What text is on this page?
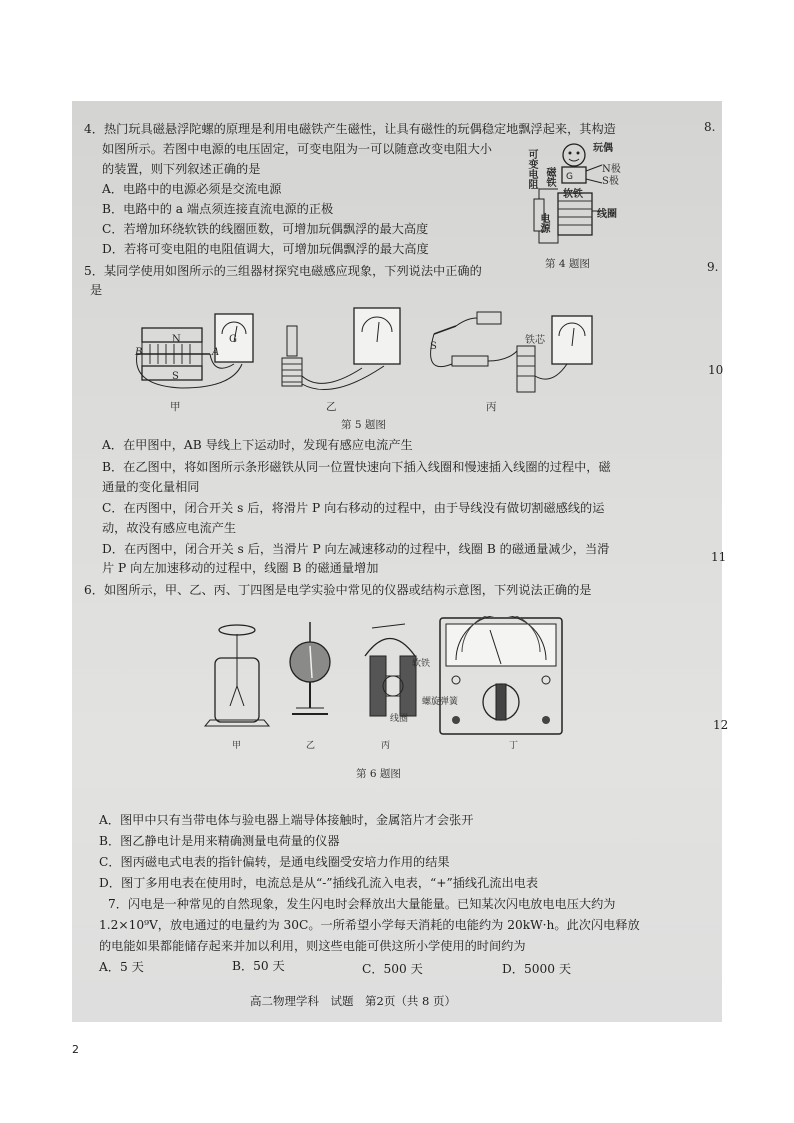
4．热门玩具磁悬浮陀螺的原理是利用电磁铁产生磁性，让具有磁性的玩偶稳定地飘浮起来，其构造
如图所示。若图中电源的电压固定，可变电阻为一可以随意改变电阻大小
的装置，则下列叙述正确的是
A．电路中的电源必须是交流电源
B．电路中的 a 端点须连接直流电源的正极
C．若增加环绕软铁的线圈匝数，可增加玩偶飘浮的最大高度
D．若将可变电阻的电阻值调大，可增加玩偶飘浮的最大高度
G
玩偶
N极
S极
磁铁
可变电阻
软铁
线圈
电源
第 4 题图
5．某同学使用如图所示的三组器材探究电磁感应现象，下列说法中正确的
是
B	A
N
S
G
S
铁芯
甲	乙	丙
第 5 题图
A．在甲图中，AB 导线上下运动时，发现有感应电流产生
B．在乙图中，将如图所示条形磁铁从同一位置快速向下插入线圈和慢速插入线圈的过程中，磁
通量的变化量相同
C．在丙图中，闭合开关 s 后，将滑片 P 向右移动的过程中，由于导线没有做切割磁感线的运
动，故没有感应电流产生
D．在丙图中，闭合开关 s 后，当滑片 P 向左减速移动的过程中，线圈 B 的磁通量减少，当滑
片 P 向左加速移动的过程中，线圈 B 的磁通量增加
6．如图所示，甲、乙、丙、丁四图是电学实验中常见的仪器或结构示意图，下列说法正确的是
软铁
螺旋弹簧
线圈
甲	乙	丙	丁
第 6 题图
A．图甲中只有当带电体与验电器上端导体接触时，金属箔片才会张开
B．图乙静电计是用来精确测量电荷量的仪器
C．图丙磁电式电表的指针偏转，是通电线圈受安培力作用的结果
D．图丁多用电表在使用时，电流总是从“-”插线孔流入电表，“+”插线孔流出电表
7．闪电是一种常见的自然现象，发生闪电时会释放出大量能量。已知某次闪电放电电压大约为
1.2×10⁹V，放电通过的电量约为 30C。一所希望小学每天消耗的电能约为 20kW·h。此次闪电释放
的电能如果都能储存起来并加以利用，则这些电能可供这所小学使用的时间约为
A．5 天	B．50 天	C．500 天	D．5000 天
高二物理学科　试题　第2页（共 8 页）
8.
9.
10
11
12
2
